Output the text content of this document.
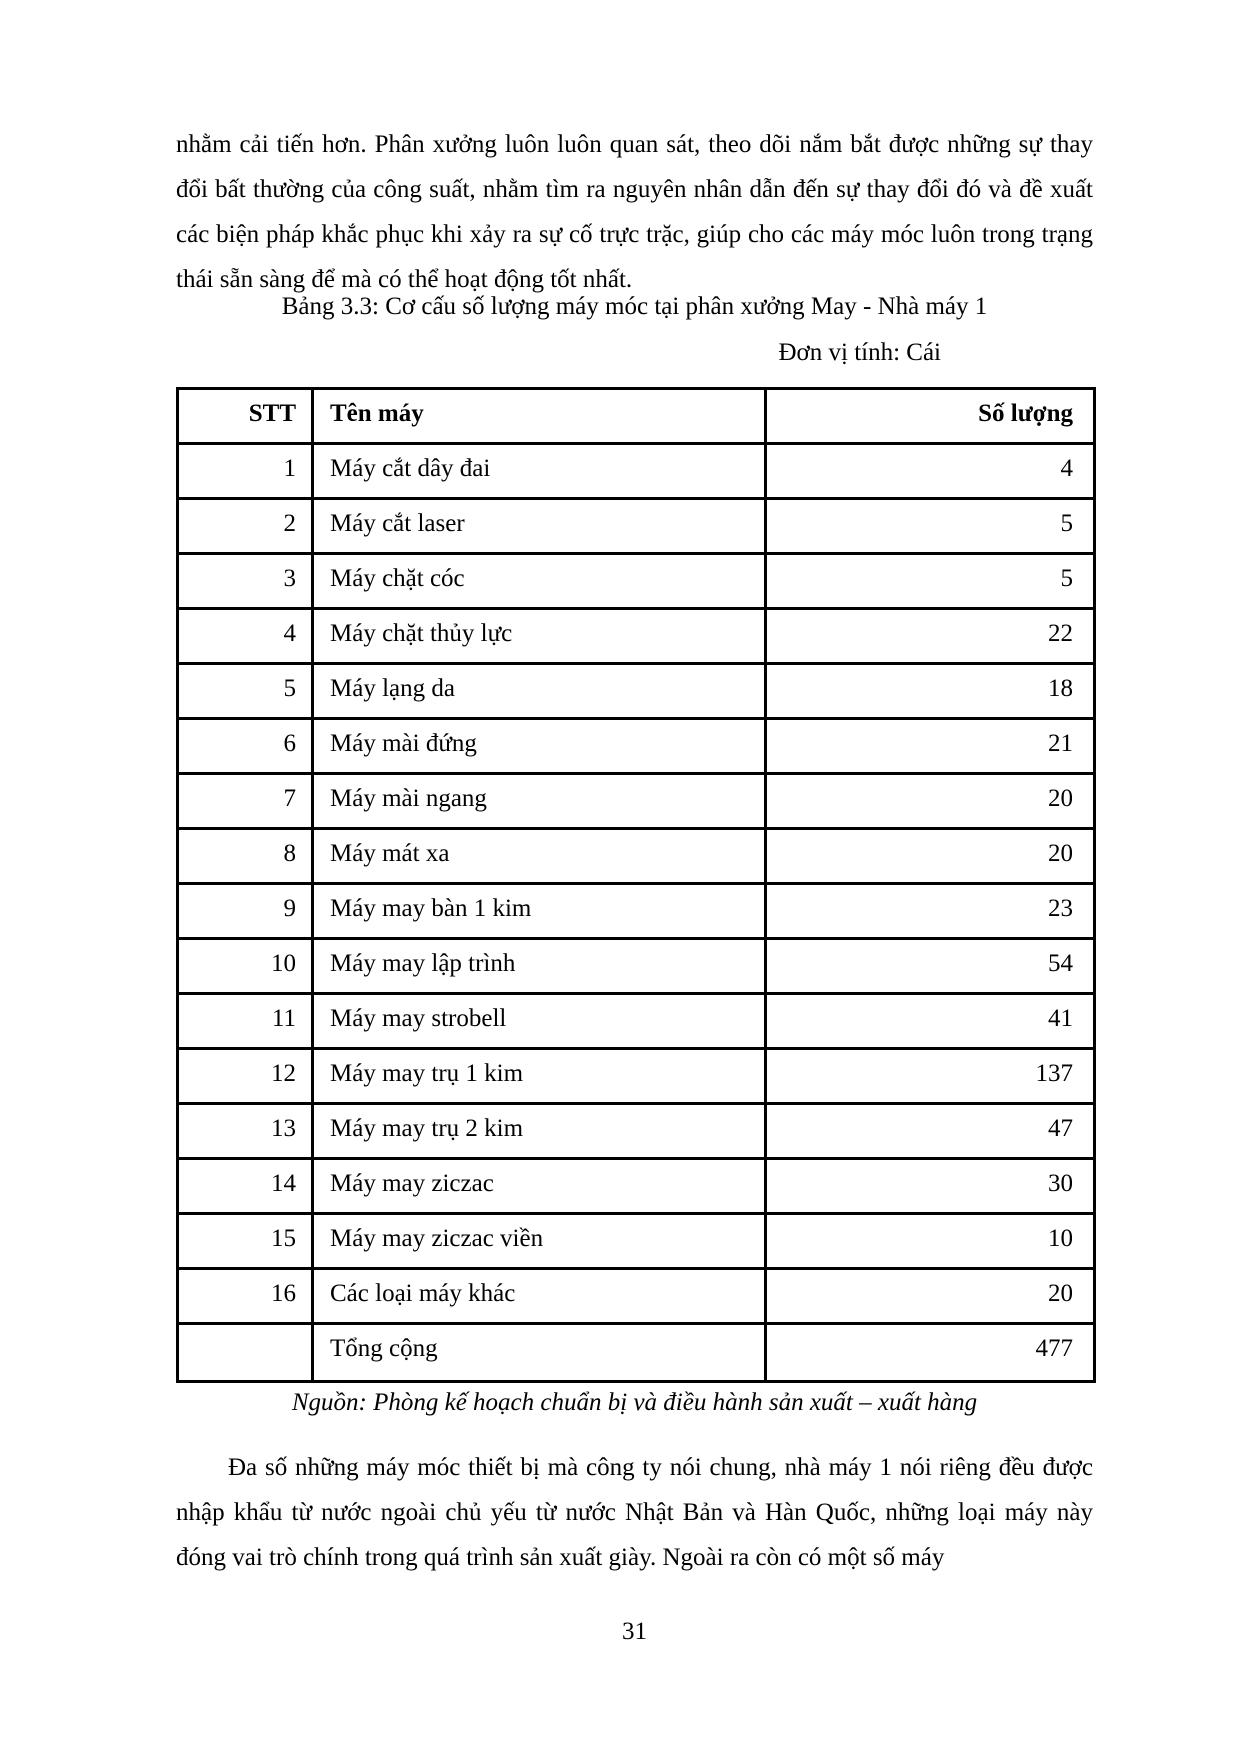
nhằm cải tiến hơn. Phân xưởng luôn luôn quan sát, theo dõi nắm bắt được những sự thay đổi bất thường của công suất, nhằm tìm ra nguyên nhân dẫn đến sự thay đổi đó và đề xuất các biện pháp khắc phục khi xảy ra sự cố trực trặc, giúp cho các máy móc luôn trong trạng thái sẵn sàng để mà có thể hoạt động tốt nhất.

Bảng 3.3: Cơ cấu số lượng máy móc tại phân xưởng May - Nhà máy 1
Đơn vị tính: Cái
STT	Tên máy	Số lượng
1	Máy cắt dây đai	4
2	Máy cắt laser	5
3	Máy chặt cóc	5
4	Máy chặt thủy lực	22
5	Máy lạng da	18
6	Máy mài đứng	21
7	Máy mài ngang	20
8	Máy mát xa	20
9	Máy may bàn 1 kim	23
10	Máy may lập trình	54
11	Máy may strobell	41
12	Máy may trụ 1 kim	137
13	Máy may trụ 2 kim	47
14	Máy may ziczac	30
15	Máy may ziczac viền	10
16	Các loại máy khác	20
	Tổng cộng	477
Nguồn: Phòng kế hoạch chuẩn bị và điều hành sản xuất – xuất hàng

Đa số những máy móc thiết bị mà công ty nói chung, nhà máy 1 nói riêng đều được nhập khẩu từ nước ngoài chủ yếu từ nước Nhật Bản và Hàn Quốc, những loại máy này đóng vai trò chính trong quá trình sản xuất giày. Ngoài ra còn có một số máy

31
